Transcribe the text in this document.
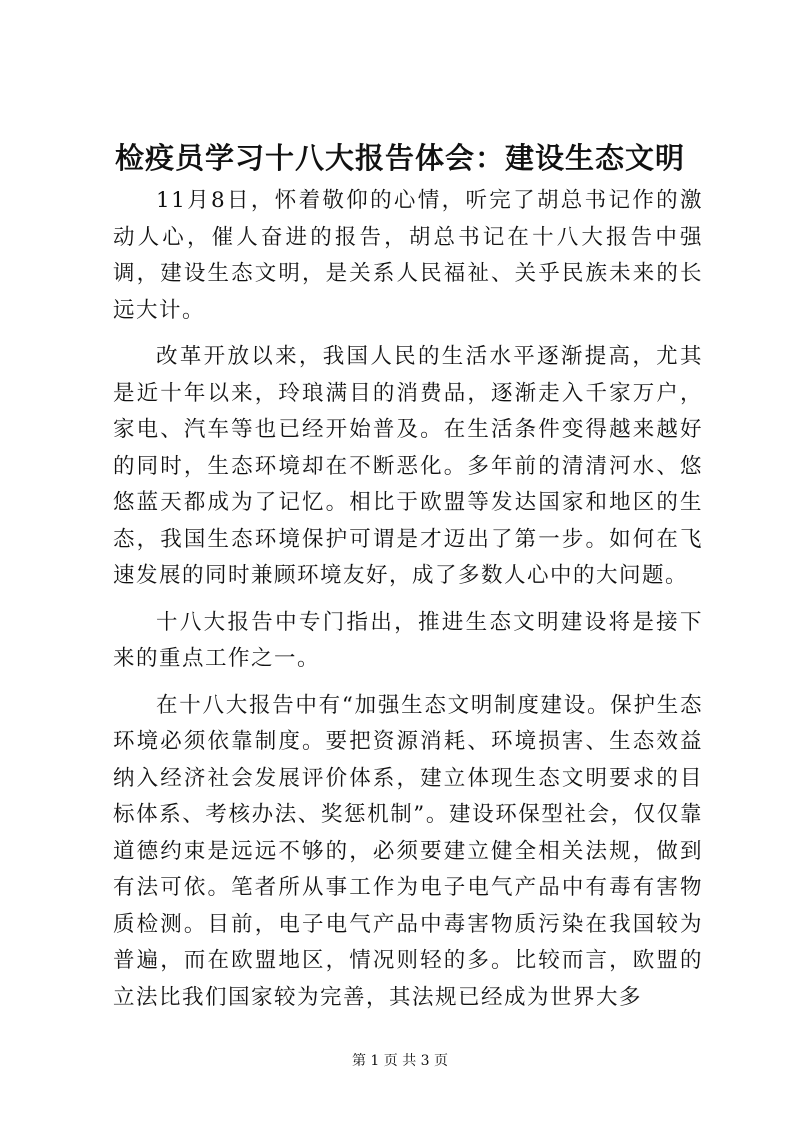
检疫员学习十八大报告体会：建设生态文明

11月8日，怀着敬仰的心情，听完了胡总书记作的激动人心，催人奋进的报告，胡总书记在十八大报告中强调，建设生态文明，是关系人民福祉、关乎民族未来的长远大计。

改革开放以来，我国人民的生活水平逐渐提高，尤其是近十年以来，玲琅满目的消费品，逐渐走入千家万户，家电、汽车等也已经开始普及。在生活条件变得越来越好的同时，生态环境却在不断恶化。多年前的清清河水、悠悠蓝天都成为了记忆。相比于欧盟等发达国家和地区的生态，我国生态环境保护可谓是才迈出了第一步。如何在飞速发展的同时兼顾环境友好，成了多数人心中的大问题。

十八大报告中专门指出，推进生态文明建设将是接下来的重点工作之一。

在十八大报告中有“加强生态文明制度建设。保护生态环境必须依靠制度。要把资源消耗、环境损害、生态效益纳入经济社会发展评价体系，建立体现生态文明要求的目标体系、考核办法、奖惩机制”。建设环保型社会，仅仅靠道德约束是远远不够的，必须要建立健全相关法规，做到有法可依。笔者所从事工作为电子电气产品中有毒有害物质检测。目前，电子电气产品中毒害物质污染在我国较为普遍，而在欧盟地区，情况则轻的多。比较而言，欧盟的立法比我们国家较为完善，其法规已经成为世界大多

第 1 页 共 3 页
